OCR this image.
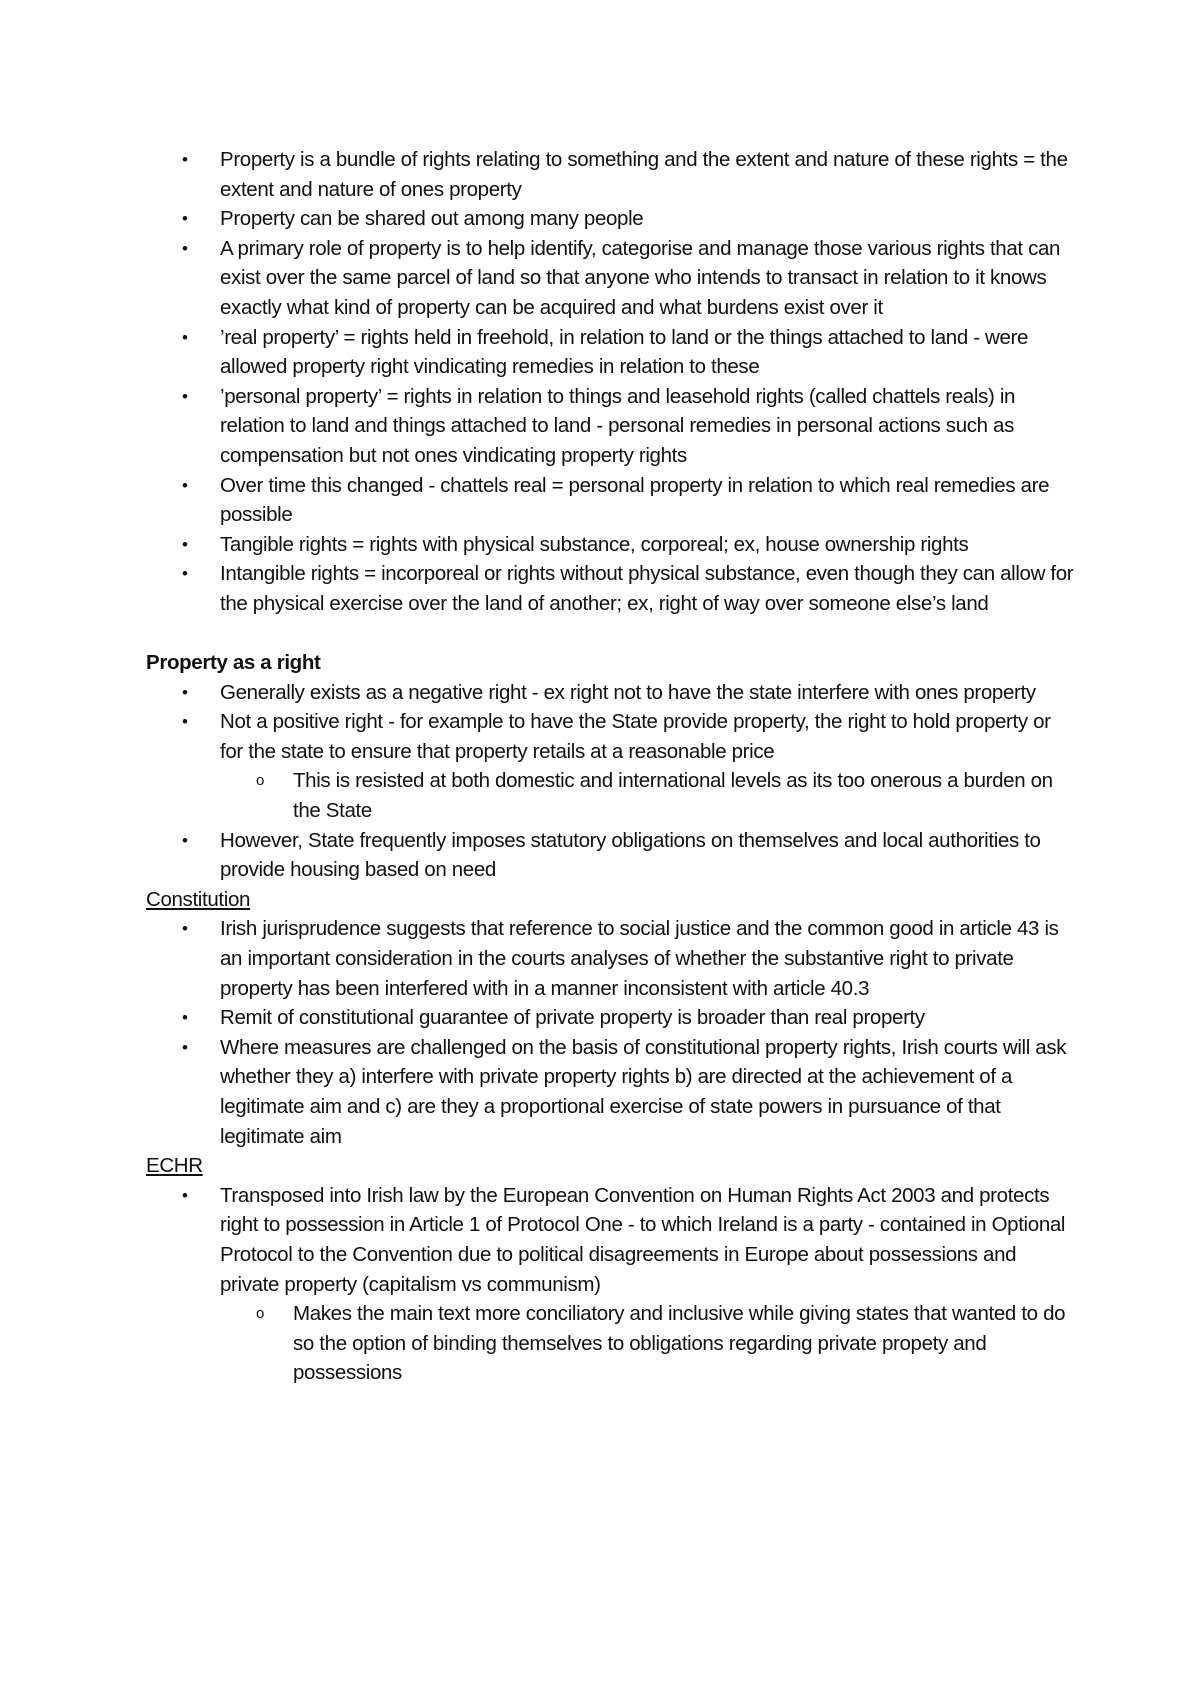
• Property is a bundle of rights relating to something and the extent and nature of these rights = the extent and nature of ones property
• Property can be shared out among many people
• A primary role of property is to help identify, categorise and manage those various rights that can exist over the same parcel of land so that anyone who intends to transact in relation to it knows exactly what kind of property can be acquired and what burdens exist over it
• ’real property’ = rights held in freehold, in relation to land or the things attached to land - were allowed property right vindicating remedies in relation to these
• ’personal property’ = rights in relation to things and leasehold rights (called chattels reals) in relation to land and things attached to land - personal remedies in personal actions such as compensation but not ones vindicating property rights
• Over time this changed - chattels real = personal property in relation to which real remedies are possible
• Tangible rights = rights with physical substance, corporeal; ex, house ownership rights
• Intangible rights = incorporeal or rights without physical substance, even though they can allow for the physical exercise over the land of another; ex, right of way over someone else’s land
Property as a right
• Generally exists as a negative right - ex right not to have the state interfere with ones property
• Not a positive right - for example to have the State provide property, the right to hold property or for the state to ensure that property retails at a reasonable price
o This is resisted at both domestic and international levels as its too onerous a burden on the State
• However, State frequently imposes statutory obligations on themselves and local authorities to provide housing based on need
Constitution
• Irish jurisprudence suggests that reference to social justice and the common good in article 43 is an important consideration in the courts analyses of whether the substantive right to private property has been interfered with in a manner inconsistent with article 40.3
• Remit of constitutional guarantee of private property is broader than real property
• Where measures are challenged on the basis of constitutional property rights, Irish courts will ask whether they a) interfere with private property rights b) are directed at the achievement of a legitimate aim and c) are they a proportional exercise of state powers in pursuance of that legitimate aim
ECHR
• Transposed into Irish law by the European Convention on Human Rights Act 2003 and protects right to possession in Article 1 of Protocol One - to which Ireland is a party - contained in Optional Protocol to the Convention due to political disagreements in Europe about possessions and private property (capitalism vs communism)
o Makes the main text more conciliatory and inclusive while giving states that wanted to do so the option of binding themselves to obligations regarding private propety and possessions
